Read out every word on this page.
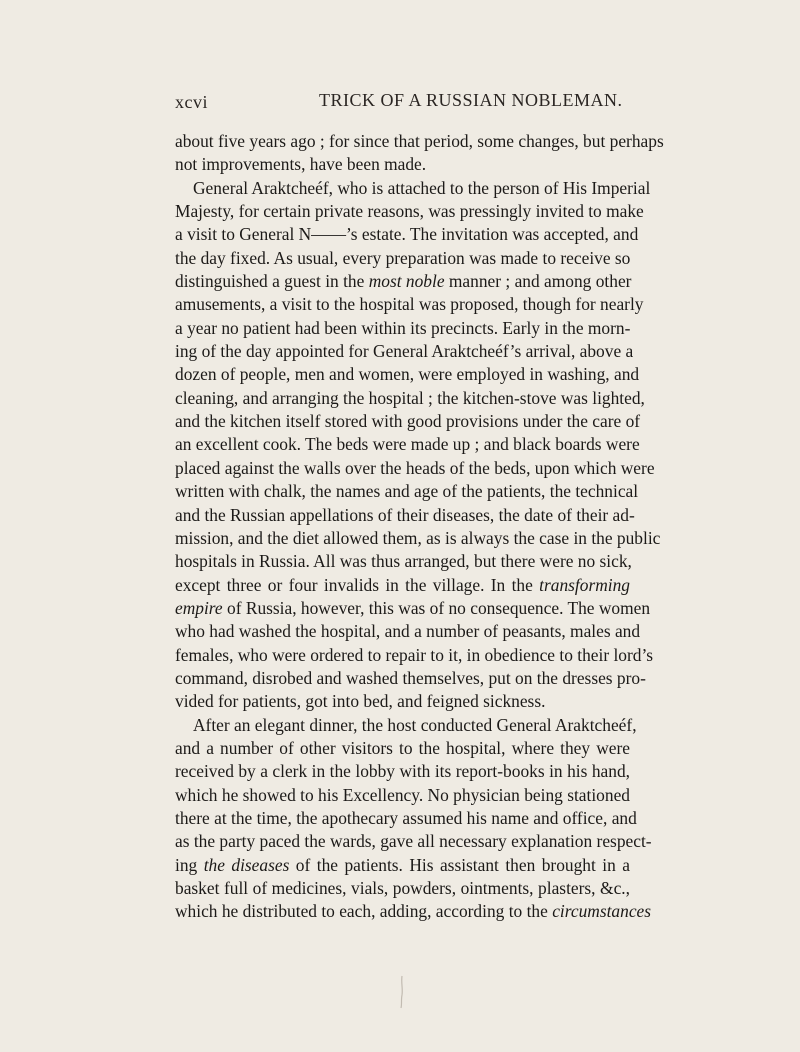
xcvi	TRICK OF A RUSSIAN NOBLEMAN.
about five years ago ; for since that period, some changes, but perhaps
not improvements, have been made.
General Araktcheéf, who is attached to the person of His Imperial
Majesty, for certain private reasons, was pressingly invited to make
a visit to General N——’s estate. The invitation was accepted, and
the day fixed. As usual, every preparation was made to receive so
distinguished a guest in the most noble manner ; and among other
amusements, a visit to the hospital was proposed, though for nearly
a year no patient had been within its precincts. Early in the morn-
ing of the day appointed for General Araktcheéf’s arrival, above a
dozen of people, men and women, were employed in washing, and
cleaning, and arranging the hospital ; the kitchen-stove was lighted,
and the kitchen itself stored with good provisions under the care of
an excellent cook. The beds were made up ; and black boards were
placed against the walls over the heads of the beds, upon which were
written with chalk, the names and age of the patients, the technical
and the Russian appellations of their diseases, the date of their ad-
mission, and the diet allowed them, as is always the case in the public
hospitals in Russia. All was thus arranged, but there were no sick,
except three or four invalids in the village. In the transforming
empire of Russia, however, this was of no consequence. The women
who had washed the hospital, and a number of peasants, males and
females, who were ordered to repair to it, in obedience to their lord’s
command, disrobed and washed themselves, put on the dresses pro-
vided for patients, got into bed, and feigned sickness.
After an elegant dinner, the host conducted General Araktcheéf,
and a number of other visitors to the hospital, where they were
received by a clerk in the lobby with its report-books in his hand,
which he showed to his Excellency. No physician being stationed
there at the time, the apothecary assumed his name and office, and
as the party paced the wards, gave all necessary explanation respect-
ing the diseases of the patients. His assistant then brought in a
basket full of medicines, vials, powders, ointments, plasters, &c.,
which he distributed to each, adding, according to the circumstances
